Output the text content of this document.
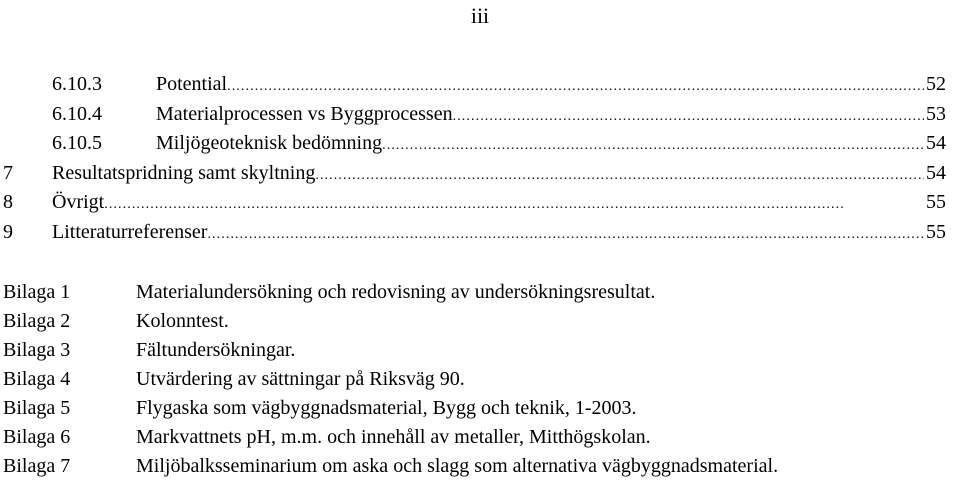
iii
6.10.3	Potential . . .	52
6.10.4	Materialprocessen vs Byggprocessen . . .	53
6.10.5	Miljögeoteknisk bedömning . . .	54
7 Resultatspridning samt skyltning . . .	54
8 Övrigt . . .	55
9 Litteraturreferenser . . .	55
Bilaga 1	Materialundersökning och redovisning av undersökningsresultat.
Bilaga 2	Kolonntest.
Bilaga 3	Fältundersökningar.
Bilaga 4	Utvärdering av sättningar på Riksväg 90.
Bilaga 5	Flygaska som vägbyggnadsmaterial, Bygg och teknik, 1-2003.
Bilaga 6	Markvattnets pH, m.m. och innehåll av metaller, Mitthögskolan.
Bilaga 7	Miljöbalksseminarium om aska och slagg som alternativa vägbyggnadsmaterial.
